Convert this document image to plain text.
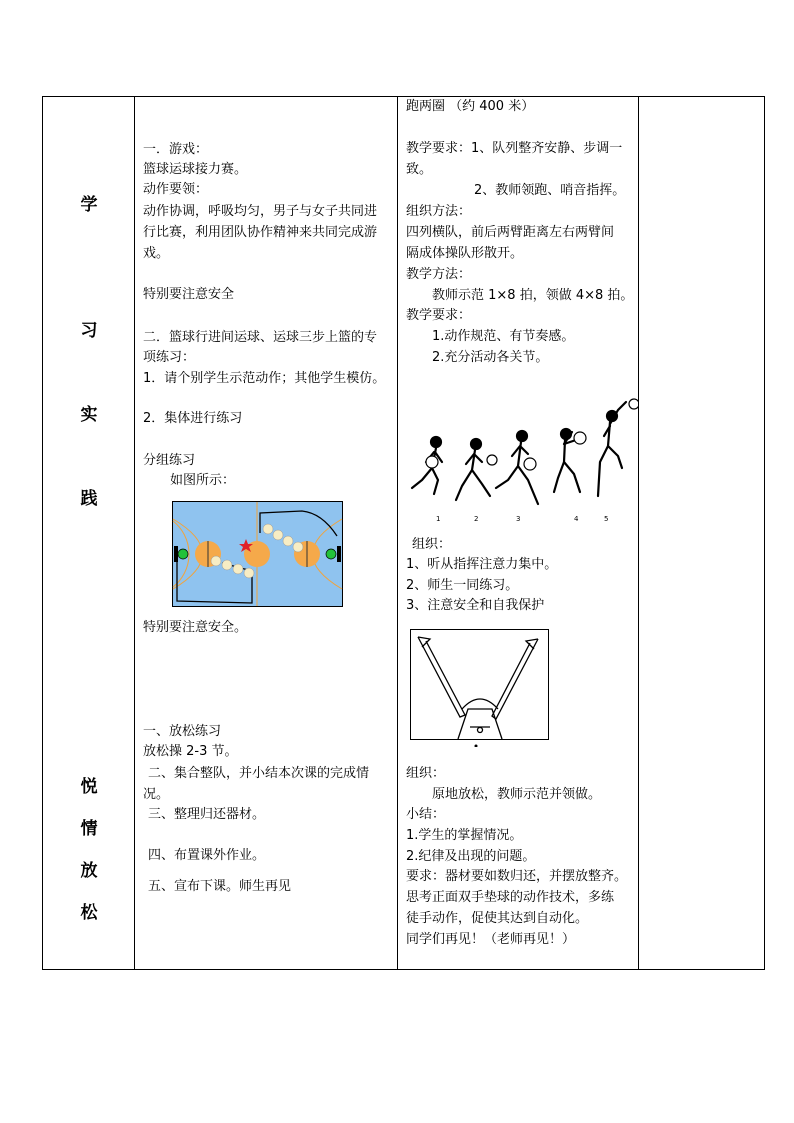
学
习
实
践
悦
情
放
松
一．游戏：
篮球运球接力赛。
动作要领：
动作协调，呼吸均匀，男子与女子共同进
行比赛，利用团队协作精神来共同完成游
戏。
特别要注意安全
二．篮球行进间运球、运球三步上篮的专
项练习：
1．请个别学生示范动作；其他学生模仿。
2．集体进行练习
分组练习
如图所示：
特别要注意安全。
一、放松练习
放松操 2-3 节。
二、集合整队，并小结本次课的完成情
况。
三、整理归还器材。
四、布置课外作业。
五、宣布下课。师生再见
跑两圈 （约 400 米）
教学要求：1、队列整齐安静、步调一
致。
2、教师领跑、哨音指挥。
组织方法：
四列横队，前后两臂距离左右两臂间
隔成体操队形散开。
教学方法：
教师示范 1×8 拍，领做 4×8 拍。
教学要求：
1.动作规范、有节奏感。
2.充分活动各关节。
1	2	3	4	5
组织：
1、听从指挥注意力集中。
2、师生一同练习。
3、注意安全和自我保护
组织：
原地放松，教师示范并领做。
小结：
1.学生的掌握情况。
2.纪律及出现的问题。
要求：器材要如数归还，并摆放整齐。
思考正面双手垫球的动作技术，多练
徒手动作，促使其达到自动化。
同学们再见！（老师再见！）
